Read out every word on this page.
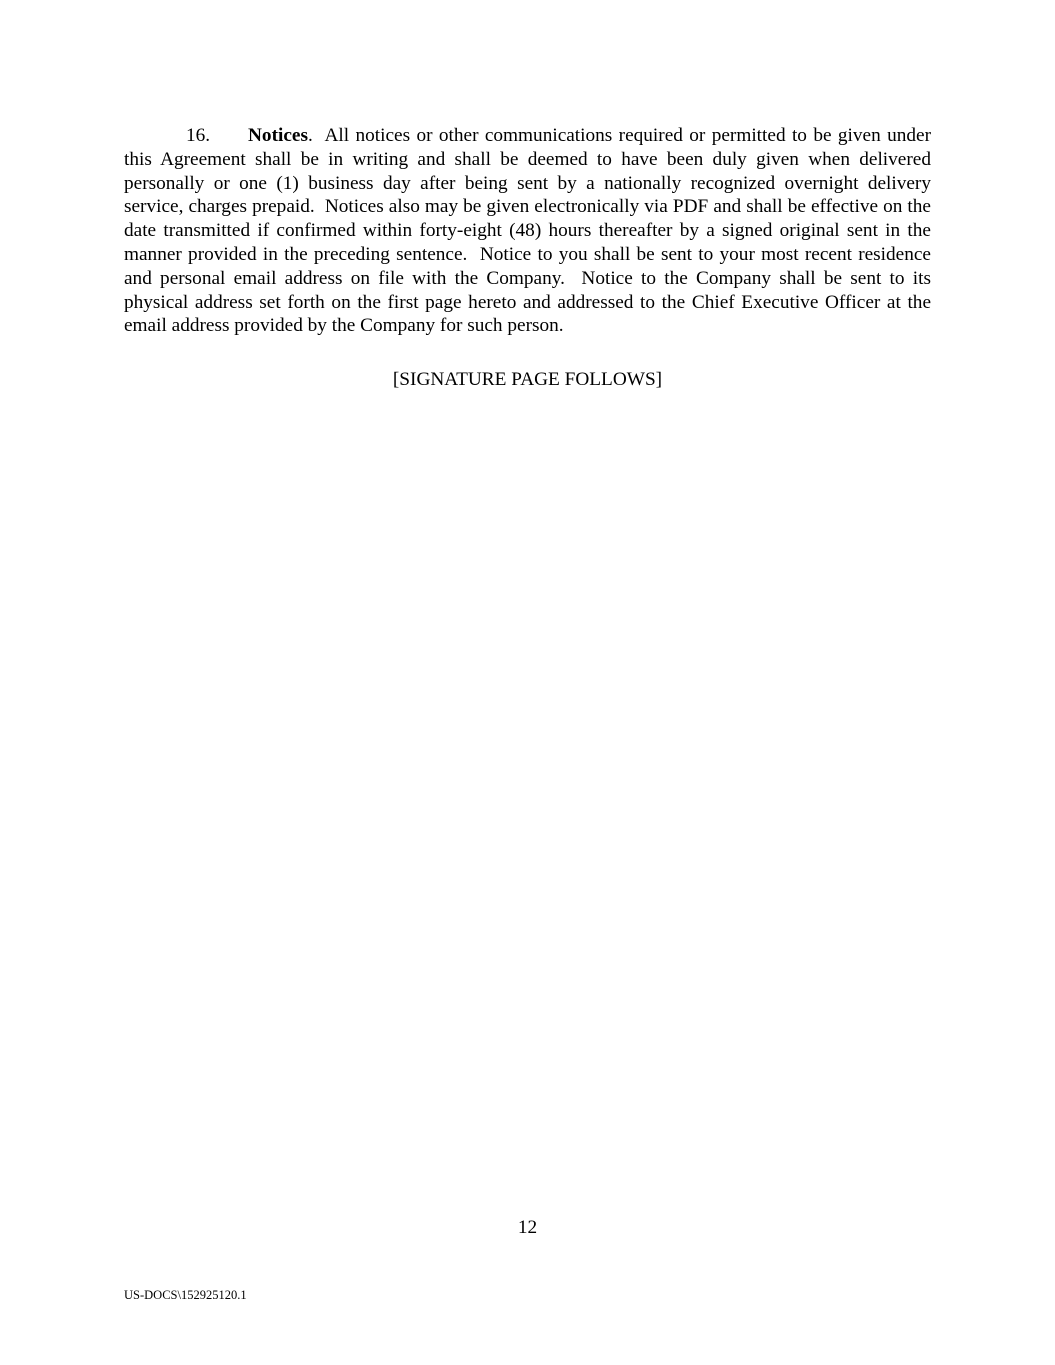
16. Notices.  All notices or other communications required or permitted to be given under this Agreement shall be in writing and shall be deemed to have been duly given when delivered personally or one (1) business day after being sent by a nationally recognized overnight delivery service, charges prepaid.  Notices also may be given electronically via PDF and shall be effective on the date transmitted if confirmed within forty-eight (48) hours thereafter by a signed original sent in the manner provided in the preceding sentence.  Notice to you shall be sent to your most recent residence and personal email address on file with the Company.  Notice to the Company shall be sent to its physical address set forth on the first page hereto and addressed to the Chief Executive Officer at the email address provided by the Company for such person.

[SIGNATURE PAGE FOLLOWS]
12
US-DOCS\152925120.1
